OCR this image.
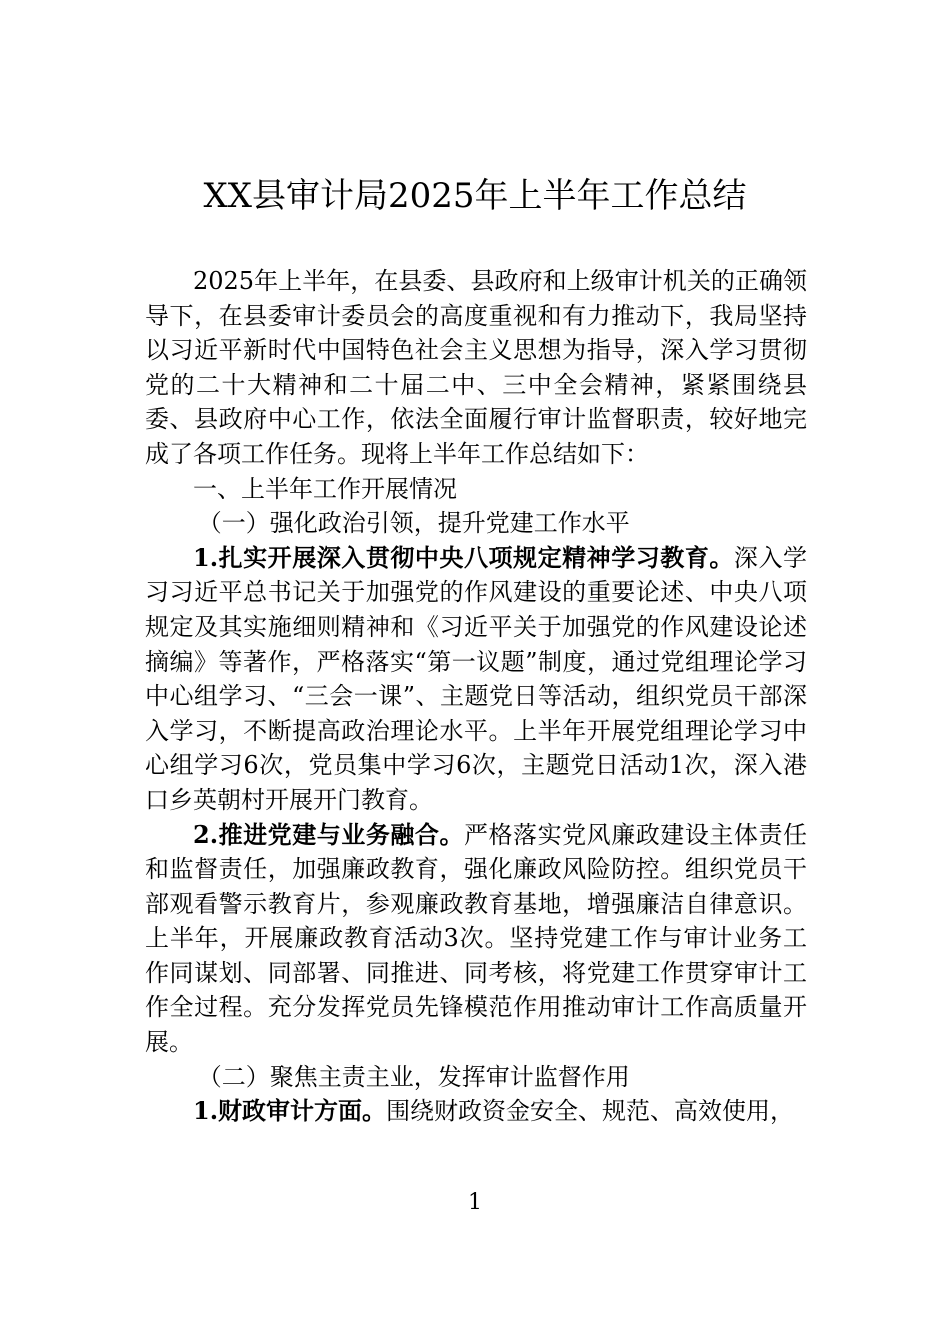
XX县审计局2025年上半年工作总结

2025年上半年，在县委、县政府和上级审计机关的正确领导下，在县委审计委员会的高度重视和有力推动下，我局坚持以习近平新时代中国特色社会主义思想为指导，深入学习贯彻党的二十大精神和二十届二中、三中全会精神，紧紧围绕县委、县政府中心工作，依法全面履行审计监督职责，较好地完成了各项工作任务。现将上半年工作总结如下：

一、上半年工作开展情况

（一）强化政治引领，提升党建工作水平

1.扎实开展深入贯彻中央八项规定精神学习教育。深入学习习近平总书记关于加强党的作风建设的重要论述、中央八项规定及其实施细则精神和《习近平关于加强党的作风建设论述摘编》等著作，严格落实“第一议题”制度，通过党组理论学习中心组学习、“三会一课”、主题党日等活动，组织党员干部深入学习，不断提高政治理论水平。上半年开展党组理论学习中心组学习6次，党员集中学习6次，主题党日活动1次，深入港口乡英朝村开展开门教育。

2.推进党建与业务融合。严格落实党风廉政建设主体责任和监督责任，加强廉政教育，强化廉政风险防控。组织党员干部观看警示教育片，参观廉政教育基地，增强廉洁自律意识。上半年，开展廉政教育活动3次。坚持党建工作与审计业务工作同谋划、同部署、同推进、同考核，将党建工作贯穿审计工作全过程。充分发挥党员先锋模范作用推动审计工作高质量开展。

（二）聚焦主责主业，发挥审计监督作用

1.财政审计方面。围绕财政资金安全、规范、高效使用，

1
